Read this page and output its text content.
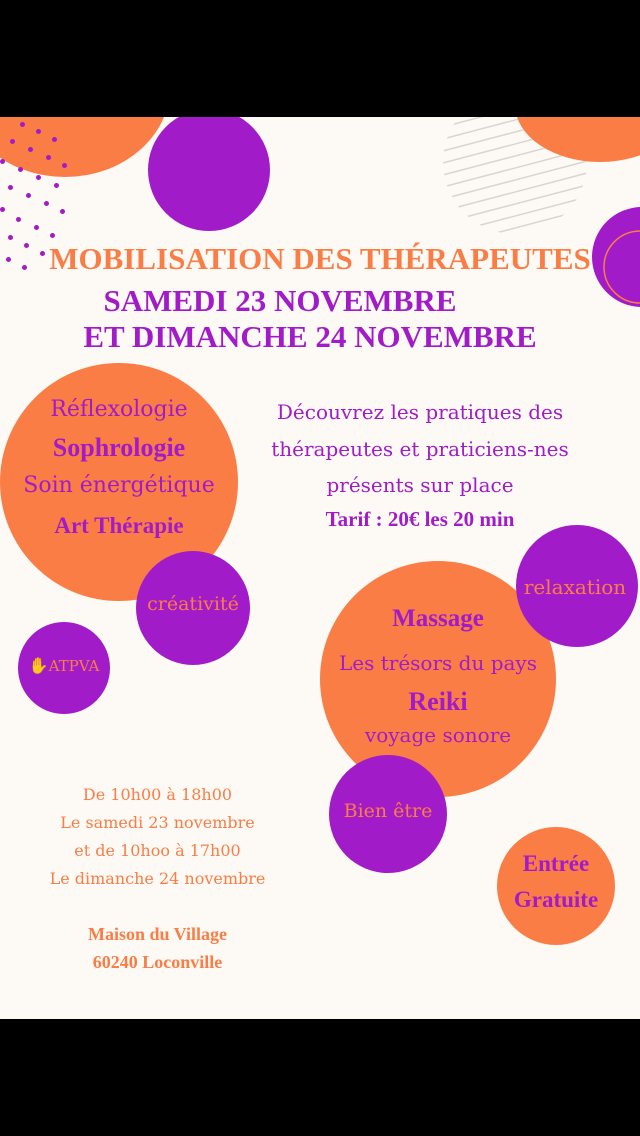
MOBILISATION DES THÉRAPEUTES
SAMEDI 23 NOVEMBRE
ET DIMANCHE 24 NOVEMBRE
Réflexologie
Sophrologie
Soin énergétique
Art Thérapie
créativité
✋ATPVA
Découvrez les pratiques des
thérapeutes et praticiens-nes
présents sur place
Tarif : 20€ les 20 min
relaxation
Massage
Les trésors du pays
Reiki
voyage sonore
Bien être
De 10h00 à 18h00
Le samedi 23 novembre
et de 10hoo à 17h00
Le dimanche 24 novembre
Maison du Village
60240 Loconville
Entrée
Gratuite
